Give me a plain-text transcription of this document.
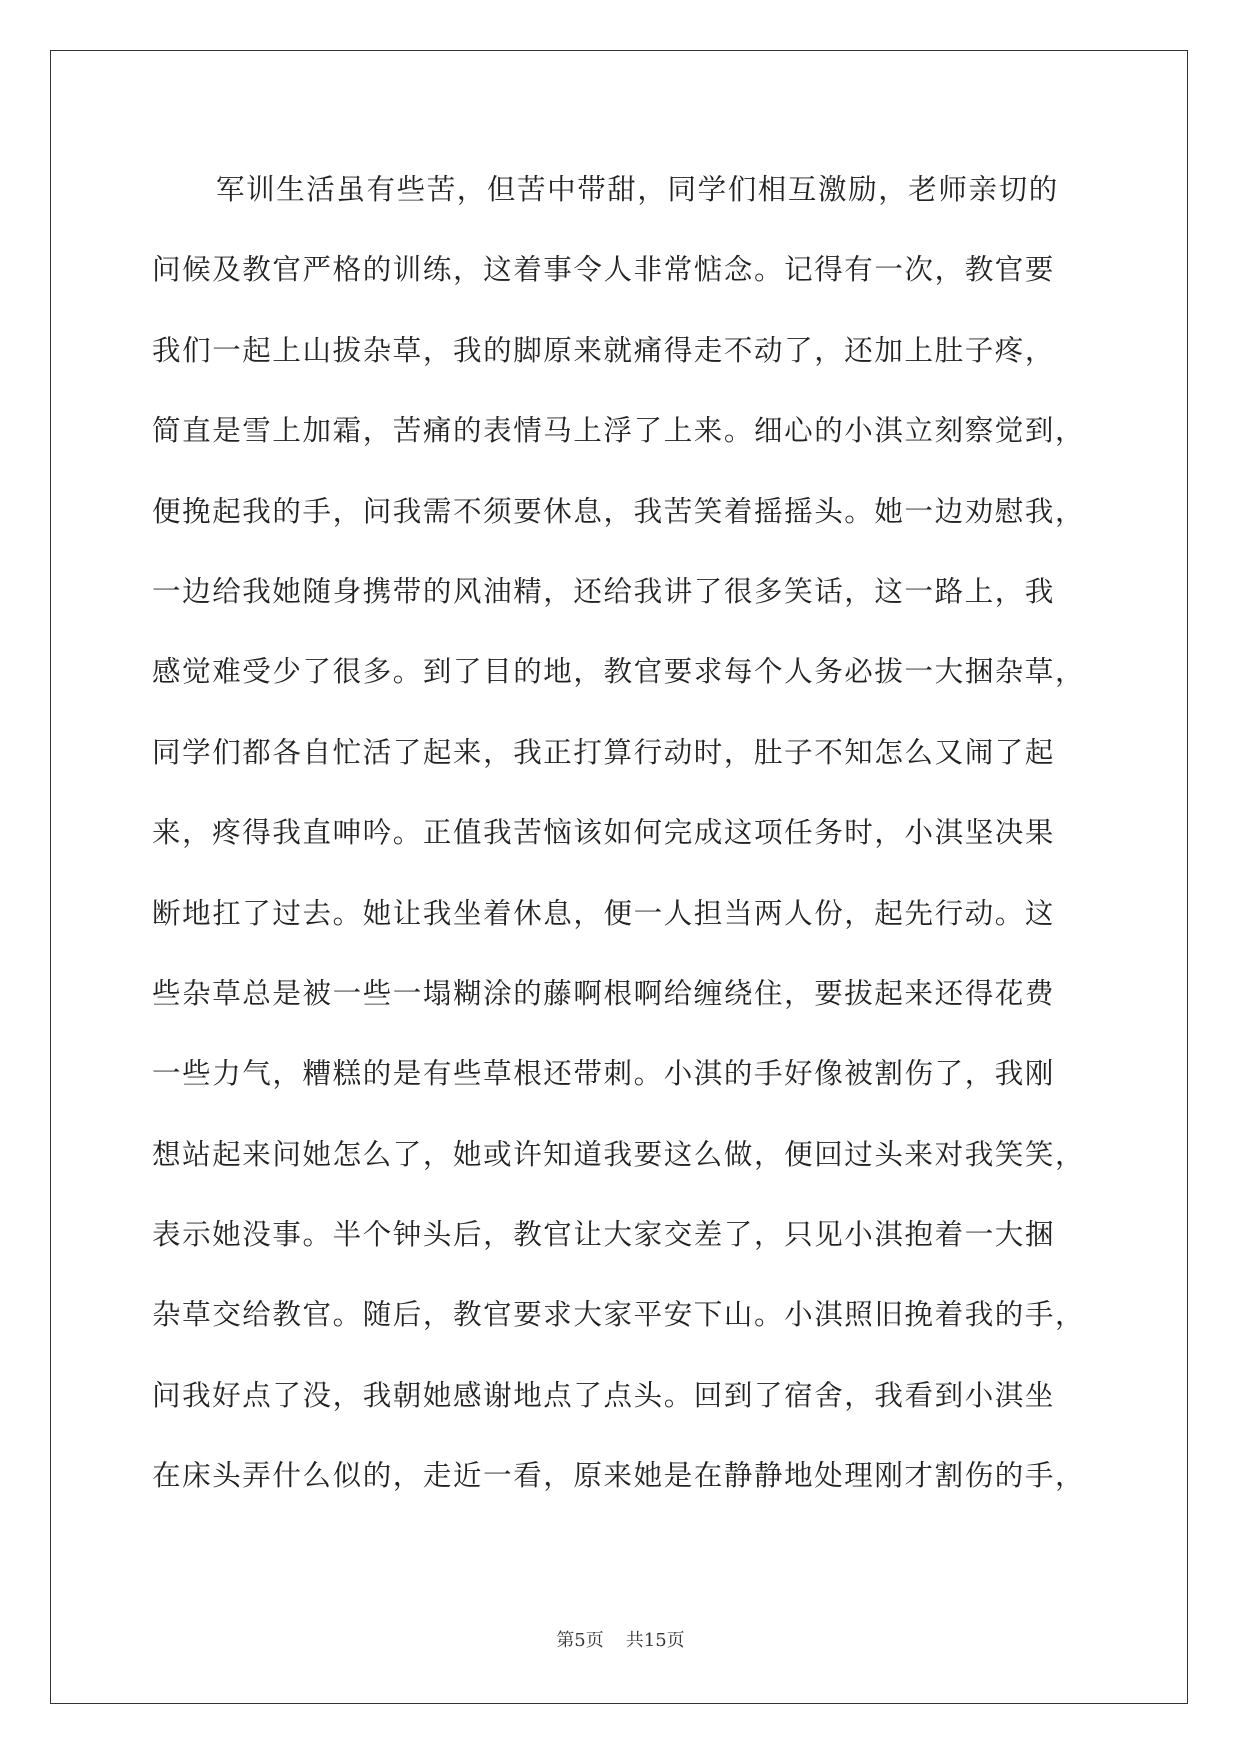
军训生活虽有些苦，但苦中带甜，同学们相互激励，老师亲切的
问候及教官严格的训练，这着事令人非常惦念。记得有一次，教官要
我们一起上山拔杂草，我的脚原来就痛得走不动了，还加上肚子疼，
简直是雪上加霜，苦痛的表情马上浮了上来。细心的小淇立刻察觉到，
便挽起我的手，问我需不须要休息，我苦笑着摇摇头。她一边劝慰我，
一边给我她随身携带的风油精，还给我讲了很多笑话，这一路上，我
感觉难受少了很多。到了目的地，教官要求每个人务必拔一大捆杂草，
同学们都各自忙活了起来，我正打算行动时，肚子不知怎么又闹了起
来，疼得我直呻吟。正值我苦恼该如何完成这项任务时，小淇坚决果
断地扛了过去。她让我坐着休息，便一人担当两人份，起先行动。这
些杂草总是被一些一塌糊涂的藤啊根啊给缠绕住，要拔起来还得花费
一些力气，糟糕的是有些草根还带刺。小淇的手好像被割伤了，我刚
想站起来问她怎么了，她或许知道我要这么做，便回过头来对我笑笑，
表示她没事。半个钟头后，教官让大家交差了，只见小淇抱着一大捆
杂草交给教官。随后，教官要求大家平安下山。小淇照旧挽着我的手，
问我好点了没，我朝她感谢地点了点头。回到了宿舍，我看到小淇坐
在床头弄什么似的，走近一看，原来她是在静静地处理刚才割伤的手，
第5页 共15页
